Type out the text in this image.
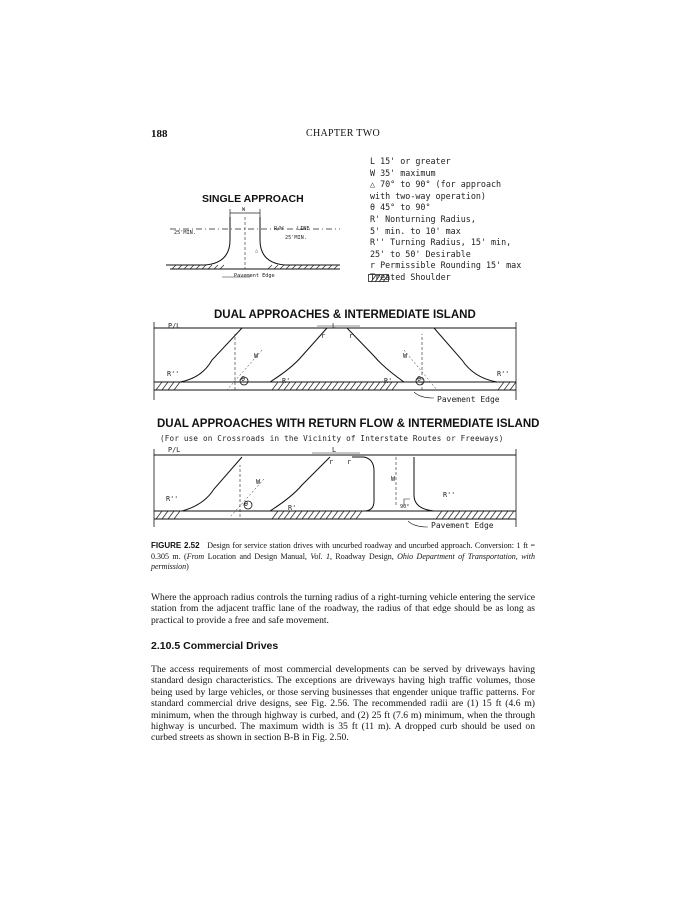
188	CHAPTER TWO
L 15' or greater
W 35' maximum
△ 70° to 90° (for approach
with two-way operation)
θ 45° to 90°
R' Nonturning Radius,
5' min. to 10' max
R'' Turning Radius, 15' min,
25' to 50' Desirable
r Permissible Rounding 15' max
Treated Shoulder
SINGLE APPROACH
W
R/W	LINE
25'MIN.
25'MIN.
△
Pavement Edge
DUAL APPROACHES & INTERMEDIATE ISLAND
P/L	L
r	r
W	W
R''
R'	R'
R''
θ	θ
Pavement Edge
DUAL APPROACHES WITH RETURN FLOW & INTERMEDIATE ISLAND
(For use on Crossroads in the Vicinity of Interstate Routes or Freeways)
P/L	L
r r
W	W
R''
R'
R''
θ	90°
Pavement Edge
FIGURE 2.52 Design for service station drives with uncurbed roadway and uncurbed approach. Conversion: 1 ft = 0.305 m. (From Location and Design Manual, Vol. 1, Roadway Design, Ohio Department of Transportation, with permission)
Where the approach radius controls the turning radius of a right-turning vehicle entering the service station from the adjacent traffic lane of the roadway, the radius of that edge should be as long as practical to provide a free and safe movement.
2.10.5 Commercial Drives
The access requirements of most commercial developments can be served by driveways having standard design characteristics. The exceptions are driveways having high traffic volumes, those being used by large vehicles, or those serving businesses that engender unique traffic patterns. For standard commercial drive designs, see Fig. 2.56. The recommended radii are (1) 15 ft (4.6 m) minimum, when the through highway is curbed, and (2) 25 ft (7.6 m) minimum, when the through highway is uncurbed. The maximum width is 35 ft (11 m). A dropped curb should be used on curbed streets as shown in section B-B in Fig. 2.50.
